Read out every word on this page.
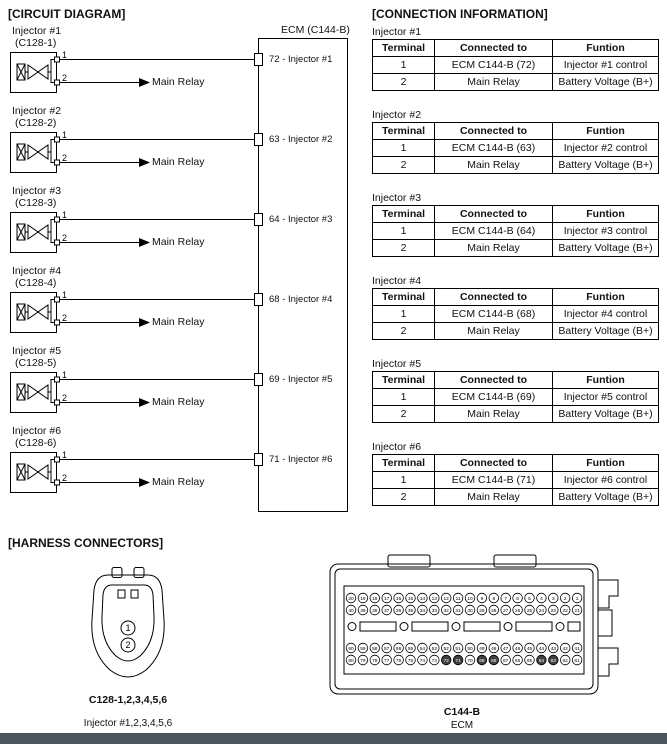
[CIRCUIT DIAGRAM]	[CONNECTION INFORMATION]
[HARNESS CONNECTORS]
Injector #1
(C128-1)
1
2	Main Relay
Injector #2
(C128-2)
1
2	Main Relay
Injector #3
(C128-3)
1
2	Main Relay
Injector #4
(C128-4)
1
2	Main Relay
Injector #5
(C128-5)
1
2	Main Relay
Injector #6
(C128-6)
1
2	Main Relay
ECM (C144-B)
72 - Injector #1
63 - Injector #2
64 - Injector #3
68 - Injector #4
69 - Injector #5
71 - Injector #6
Injector #1
Terminal	Connected to	Funtion
1	ECM C144-B (72)	Injector #1 control
2	Main Relay	Battery Voltage (B+)
Injector #2
Terminal	Connected to	Funtion
1	ECM C144-B (63)	Injector #2 control
2	Main Relay	Battery Voltage (B+)
Injector #3
Terminal	Connected to	Funtion
1	ECM C144-B (64)	Injector #3 control
2	Main Relay	Battery Voltage (B+)
Injector #4
Terminal	Connected to	Funtion
1	ECM C144-B (68)	Injector #4 control
2	Main Relay	Battery Voltage (B+)
Injector #5
Terminal	Connected to	Funtion
1	ECM C144-B (69)	Injector #5 control
2	Main Relay	Battery Voltage (B+)
Injector #6
Terminal	Connected to	Funtion
1	ECM C144-B (71)	Injector #6 control
2	Main Relay	Battery Voltage (B+)
1
2
C128-1,2,3,4,5,6
Injector #1,2,3,4,5,6
20 19 18 17 16 15 14 13 12 11 10 9 8 7 6 5 4 3 2 1
40 39 38 37 36 35 34 33 32 31 30 29 28 27 26 25 24 23 22 21
60 59 58 57 56 55 54 53 52 51 50 49 48 47 46 45 44 43 42 41
80 79 78 77 76 75 74 73 72 71 70 69 68 67 66 65 64 63 62 61
C144-B
ECM
